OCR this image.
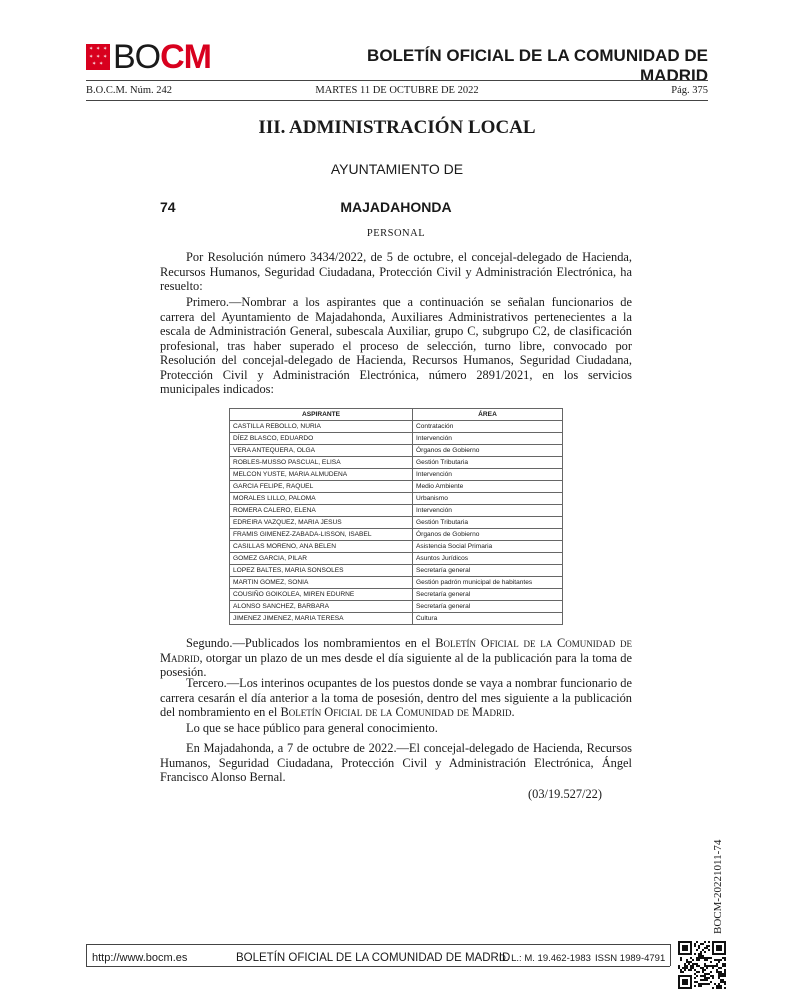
✶ ✶ ✶
✶ ✶ ✶
✶ ✶ BOCM	BOLETÍN OFICIAL DE LA COMUNIDAD DE MADRID
B.O.C.M. Núm. 242	MARTES 11 DE OCTUBRE DE 2022	Pág. 375
III. ADMINISTRACIÓN LOCAL
AYUNTAMIENTO DE
74	MAJADAHONDA
PERSONAL

Por Resolución número 3434/2022, de 5 de octubre, el concejal-delegado de Hacienda, Recursos Humanos, Seguridad Ciudadana, Protección Civil y Administración Electrónica, ha resuelto:

Primero.—Nombrar a los aspirantes que a continuación se señalan funcionarios de carrera del Ayuntamiento de Majadahonda, Auxiliares Administrativos pertenecientes a la escala de Administración General, subescala Auxiliar, grupo C, subgrupo C2, de clasificación profesional, tras haber superado el proceso de selección, turno libre, convocado por Resolución del concejal-delegado de Hacienda, Recursos Humanos, Seguridad Ciudadana, Protección Civil y Administración Electrónica, número 2891/2021, en los servicios municipales indicados:

ASPIRANTE	ÁREA
CASTILLA REBOLLO, NURIA	Contratación
DÍEZ BLASCO, EDUARDO	Intervención
VERA ANTEQUERA, OLGA	Órganos de Gobierno
ROBLES-MUSSO PASCUAL, ELISA	Gestión Tributaria
MELCON YUSTE, MARIA ALMUDENA	Intervención
GARCIA FELIPE, RAQUEL	Medio Ambiente
MORALES LILLO, PALOMA	Urbanismo
ROMERA CALERO, ELENA	Intervención
EDREIRA VAZQUEZ, MARIA JESUS	Gestión Tributaria
FRAMIS GIMENEZ-ZABADA-LISSON, ISABEL	Órganos de Gobierno
CASILLAS MORENO, ANA BELEN	Asistencia Social Primaria
GOMEZ GARCIA, PILAR	Asuntos Jurídicos
LOPEZ BALTES, MARIA SONSOLES	Secretaría general
MARTIN GOMEZ, SONIA	Gestión padrón municipal de habitantes
COUSIÑO GOIKOLEA, MIREN EDURNE	Secretaría general
ALONSO SANCHEZ, BARBARA	Secretaría general
JIMENEZ JIMENEZ, MARIA TERESA	Cultura

Segundo.—Publicados los nombramientos en el Boletín Oficial de la Comunidad de Madrid, otorgar un plazo de un mes desde el día siguiente al de la publicación para la toma de posesión.

Tercero.—Los interinos ocupantes de los puestos donde se vaya a nombrar funcionario de carrera cesarán el día anterior a la toma de posesión, dentro del mes siguiente a la publicación del nombramiento en el Boletín Oficial de la Comunidad de Madrid.

Lo que se hace público para general conocimiento.

En Majadahonda, a 7 de octubre de 2022.—El concejal-delegado de Hacienda, Recursos Humanos, Seguridad Ciudadana, Protección Civil y Administración Electrónica, Ángel Francisco Alonso Bernal.

(03/19.527/22)
BOCM-20221011-74
http://www.bocm.es	BOLETÍN OFICIAL DE LA COMUNIDAD DE MADRID
D. L.: M. 19.462-1983 ISSN 1989-4791
